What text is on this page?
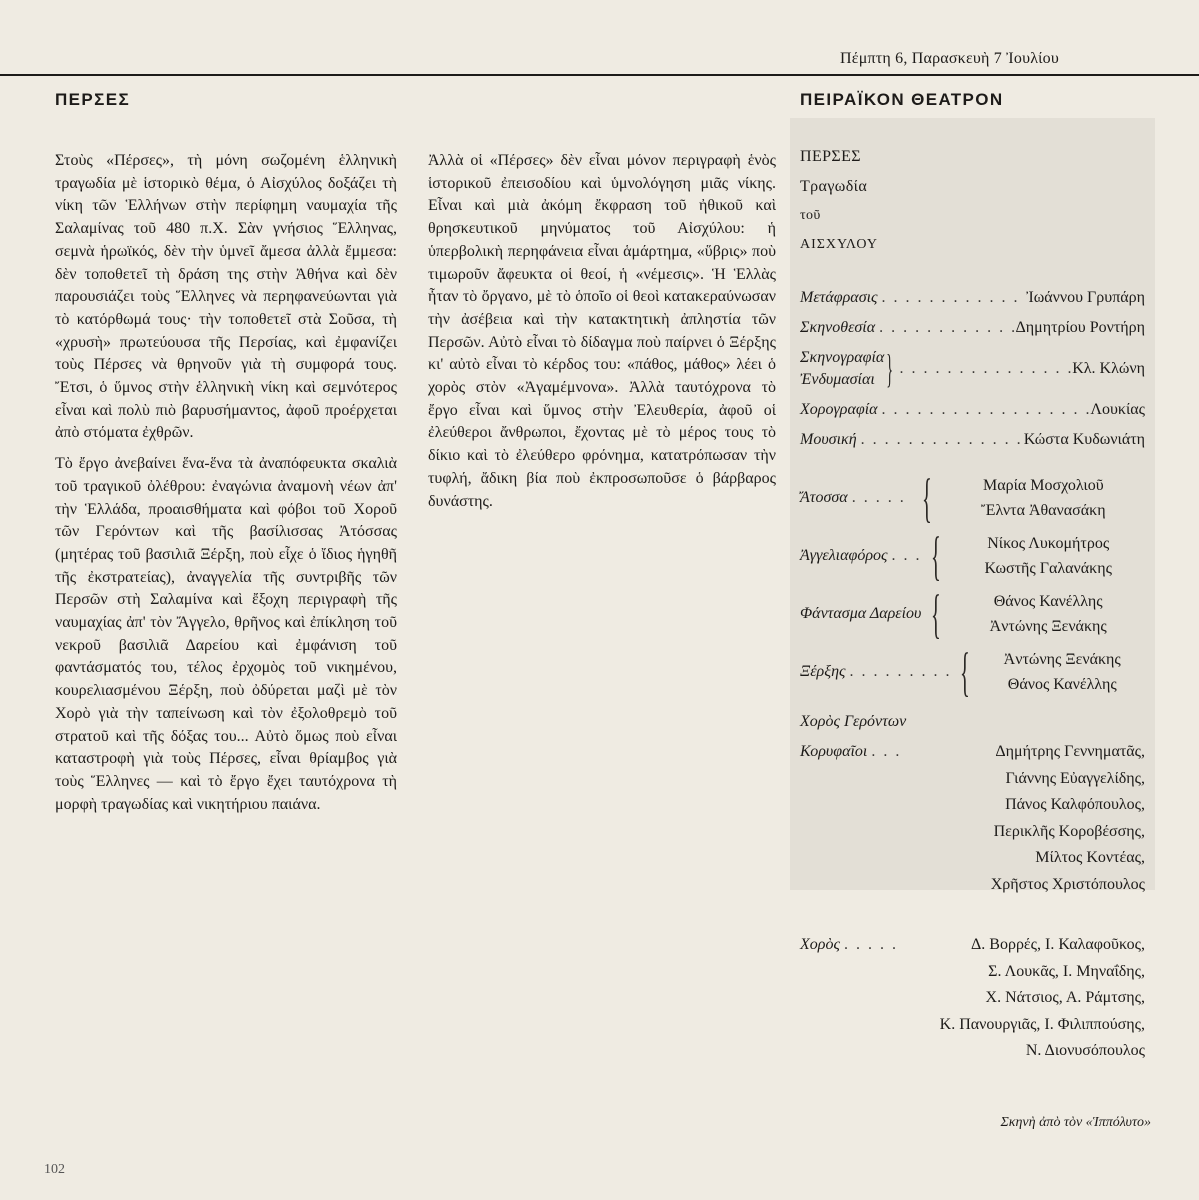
Πέμπτη 6, Παρασκευὴ 7 Ἰουλίου
ΠΕΡΣΕΣ

Στοὺς «Πέρσες», τὴ μόνη σωζομένη ἑλληνικὴ τραγωδία μὲ ἱστορικὸ θέμα, ὁ Αἰσχύλος δοξάζει τὴ νίκη τῶν Ἑλλήνων στὴν περίφημη ναυμαχία τῆς Σαλαμίνας τοῦ 480 π.Χ. Σὰν γνήσιος Ἕλληνας, σεμνὰ ἡρωϊκός, δὲν τὴν ὑμνεῖ ἄμεσα ἀλλὰ ἔμμεσα: δὲν τοποθετεῖ τὴ δράση της στὴν Ἀθήνα καὶ δὲν παρουσιάζει τοὺς Ἕλληνες νὰ περηφανεύωνται γιὰ τὸ κατόρθωμά τους· τὴν τοποθετεῖ στὰ Σοῦσα, τὴ «χρυσὴ» πρωτεύουσα τῆς Περσίας, καὶ ἐμφανίζει τοὺς Πέρσες νὰ θρηνοῦν γιὰ τὴ συμφορά τους. Ἔτσι, ὁ ὕμνος στὴν ἑλληνικὴ νίκη καὶ σεμνότερος εἶναι καὶ πολὺ πιὸ βαρυσήμαντος, ἀφοῦ προέρχεται ἀπὸ στόματα ἐχθρῶν.

Τὸ ἔργο ἀνεβαίνει ἕνα-ἕνα τὰ ἀναπόφευκτα σκαλιὰ τοῦ τραγικοῦ ὀλέθρου: ἐναγώνια ἀναμονὴ νέων ἀπ' τὴν Ἑλλάδα, προαισθήματα καὶ φόβοι τοῦ Χοροῦ τῶν Γερόντων καὶ τῆς βασίλισσας Ἀτόσσας (μητέρας τοῦ βασιλιᾶ Ξέρξη, ποὺ εἶχε ὁ ἴδιος ἡγηθῆ τῆς ἐκστρατείας), ἀναγγελία τῆς συντριβῆς τῶν Περσῶν στὴ Σαλαμίνα καὶ ἔξοχη περιγραφὴ τῆς ναυμαχίας ἀπ' τὸν Ἄγγελο, θρῆνος καὶ ἐπίκληση τοῦ νεκροῦ βασιλιᾶ Δαρείου καὶ ἐμφάνιση τοῦ φαντάσματός του, τέλος ἐρχομὸς τοῦ νικημένου, κουρελιασμένου Ξέρξη, ποὺ ὀδύρεται μαζὶ μὲ τὸν Χορὸ γιὰ τὴν ταπείνωση καὶ τὸν ἐξολοθρεμὸ τοῦ στρατοῦ καὶ τῆς δόξας του... Αὐτὸ ὅμως ποὺ εἶναι καταστροφὴ γιὰ τοὺς Πέρσες, εἶναι θρίαμβος γιὰ τοὺς Ἕλληνες — καὶ τὸ ἔργο ἔχει ταυτόχρονα τὴ μορφὴ τραγωδίας καὶ νικητήριου παιάνα.

Ἀλλὰ οἱ «Πέρσες» δὲν εἶναι μόνον περιγραφὴ ἑνὸς ἱστορικοῦ ἐπεισοδίου καὶ ὑμνολόγηση μιᾶς νίκης. Εἶναι καὶ μιὰ ἀκόμη ἔκφραση τοῦ ἠθικοῦ καὶ θρησκευτικοῦ μηνύματος τοῦ Αἰσχύλου: ἡ ὑπερβολικὴ περηφάνεια εἶναι ἁμάρτημα, «ὕβρις» ποὺ τιμωροῦν ἄφευκτα οἱ θεοί, ἡ «νέμεσις». Ἡ Ἑλλὰς ἦταν τὸ ὄργανο, μὲ τὸ ὁποῖο οἱ θεοὶ κατακεραύνωσαν τὴν ἀσέβεια καὶ τὴν κατακτητικὴ ἀπληστία τῶν Περσῶν. Αὐτὸ εἶναι τὸ δίδαγμα ποὺ παίρνει ὁ Ξέρξης κι' αὐτὸ εἶναι τὸ κέρδος του: «πάθος, μάθος» λέει ὁ χορὸς στὸν «Ἀγαμέμνονα». Ἀλλὰ ταυτόχρονα τὸ ἔργο εἶναι καὶ ὕμνος στὴν Ἐλευθερία, ἀφοῦ οἱ ἐλεύθεροι ἄνθρωποι, ἔχοντας μὲ τὸ μέρος τους τὸ δίκιο καὶ τὸ ἐλεύθερο φρόνημα, κατατρόπωσαν τὴν τυφλή, ἄδικη βία ποὺ ἐκπροσωποῦσε ὁ βάρβαρος δυνάστης.

ΠΕΙΡΑΪΚΟΝ ΘΕΑΤΡΟΝ
ΠΕΡΣΕΣ
Τραγωδία
τοῦ
ΑΙΣΧΥΛΟΥ
Μετάφρασις . . .	Ἰωάννου Γρυπάρη
Σκηνοθεσία . . .	Δημητρίου Ροντήρη
Σκηνογραφία
Ἐνδυμασίαι } . . .	Κλ. Κλώνη
Χορογραφία . . .	Λουκίας
Μουσική . . .	Κώστα Κυδωνιάτη
Ἄτοσσα . . . {	Μαρία Μοσχολιοῦ
Ἔλντα Ἀθανασάκη
Ἀγγελιαφόρος . . . {	Νίκος Λυκομήτρος
Κωστῆς Γαλανάκης
Φάντασμα Δαρείου {	Θάνος Κανέλλης
Ἀντώνης Ξενάκης
Ξέρξης . . . { Ἀντώνης Ξενάκης
Θάνος Κανέλλης
Χορὸς Γερόντων
Κορυφαῖοι . . .	Δημήτρης Γεννηματᾶς,
Γιάννης Εὐαγγελίδης,
Πάνος Καλφόπουλος,
Περικλῆς Κοροβέσσης,
Μίλτος Κοντέας,
Χρῆστος Χριστόπουλος
Χορὸς . . .	Δ. Βορρές, Ι. Καλαφοῦκος,
Σ. Λουκᾶς, Ι. Μηναΐδης,
Χ. Νάτσιος, Α. Ράμτσης,
Κ. Πανουργιᾶς, Ι. Φιλιππούσης,
Ν. Διονυσόπουλος
Σκηνὴ ἀπὸ τὸν «Ἱππόλυτο»
102
